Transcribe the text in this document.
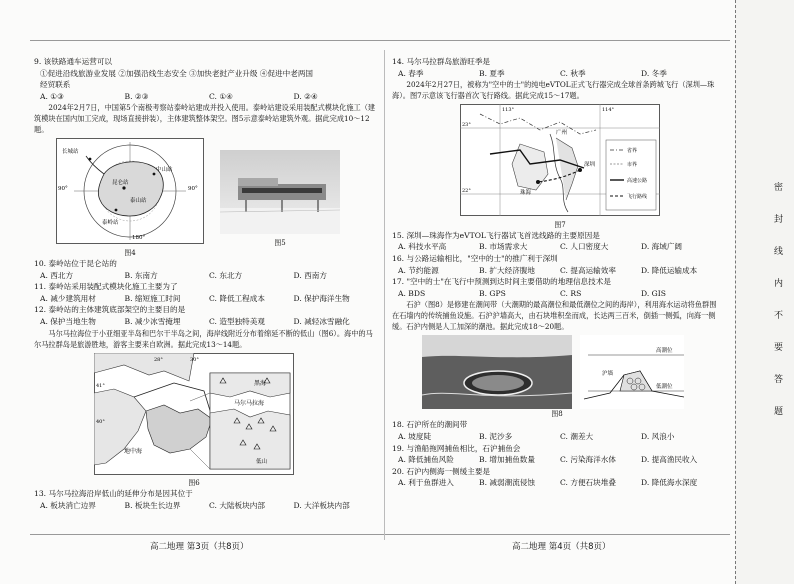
9. 该铁路通车运营可以

①促进沿线旅游业发展 ②加强沿线生态安全 ③加快老挝产业升级 ④促进中老两国

经贸联系

A. ①③	B. ②③	C. ①④	D. ②④

2024年2月7日，中国第5个南极考察站泰岭站建成并投入使用。泰岭站建设采用装配式模块化施工（建筑模块在国内加工完成，现场直接拼装），主体建筑整体架空。图5示意泰岭站建筑外观。据此完成10～12题。

长城站
昆仑站
泰山站
中山站
泰岭站
90°	90°
180°
图4
图5

10. 泰岭站位于昆仑站的

A. 西北方	B. 东南方	C. 东北方	D. 西南方

11. 泰岭站采用装配式模块化施工主要为了

A. 减少建筑用材	B. 缩短施工时间	C. 降低工程成本	D. 保护海洋生物

12. 泰岭站的主体建筑底部架空的主要目的是

A. 保护当地生物	B. 减少冰雪掩埋	C. 造型独特美观	D. 减轻冰雪融化

马尔马拉海位于小亚细亚半岛和巴尔干半岛之间，海岸线附近分布着绵延不断的低山（图6）。海中的马尔马拉群岛是旅游胜地，游客主要来自欧洲。据此完成13～14题。

黑海
马尔马拉海
地中海
低山
41°
40°
28°	30°
图6

13. 马尔马拉海沿岸低山的延伸分布是因其位于

A. 板块消亡边界	B. 板块生长边界	C. 大陆板块内部	D. 大洋板块内部

14. 马尔马拉群岛旅游旺季是

A. 春季	B. 夏季	C. 秋季	D. 冬季

2024年2月27日，被称为"空中的士"的纯电eVTOL正式飞行器完成全球首条跨城飞行（深圳—珠海）。图7示意该飞行器首次飞行路线。据此完成15～17题。

深圳
珠海
广州
113°	114°
23°
22°
省界
市界
高速公路
飞行路线
图7

15. 深圳—珠海作为eVTOL飞行器试飞首选线路的主要原因是

A. 科技水平高	B. 市场需求大	C. 人口密度大	D. 海域广阔

16. 与公路运输相比，"空中的士"的推广利于深圳

A. 节约能源	B. 扩大经济腹地	C. 提高运输效率	D. 降低运输成本

17. "空中的士"在飞行中预测到达时间主要借助的地理信息技术是

A. BDS	B. GPS	C. RS	D. GIS

石沪（图8）是修建在潮间带（大潮期的最高潮位和最低潮位之间的海岸），利用海水运动将鱼群围在石墙内的传统捕鱼设施。石沪沪墙高大，由石块堆积垒而成，长达两三百米，倒插一侧弧，向海一侧缓。石沪内侧是人工加深的潮池。据此完成18～20题。

高潮位
沪墙
低潮位
图8

18. 石沪所在的潮间带

A. 坡度陡	B. 泥沙多	C. 潮差大	D. 风浪小

19. 与渔船拖网捕鱼相比，石沪捕鱼会

A. 降低捕鱼风险	B. 增加捕鱼数量	C. 污染海洋水体	D. 提高渔民收入

20. 石沪内侧海一侧缓主要是

A. 利于鱼群进入	B. 减弱潮流侵蚀	C. 方便石块堆叠	D. 降低海水深度
高二地理 第3页（共8页）	高二地理 第4页（共8页）
密
封
线
内
不
要
答
题
